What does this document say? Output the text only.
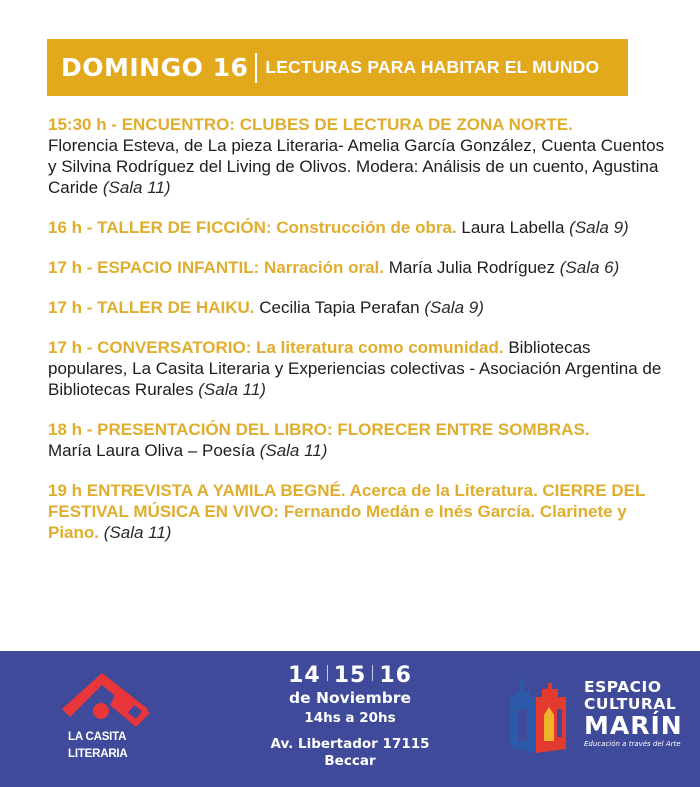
DOMINGO 16 LECTURAS PARA HABITAR EL MUNDO
15:30 h - ENCUENTRO: CLUBES DE LECTURA DE ZONA NORTE.
Florencia Esteva, de La pieza Literaria- Amelia García González, Cuenta Cuentos y Silvina Rodríguez del Living de Olivos. Modera: Análisis de un cuento, Agustina Caride (Sala 11)
16 h - TALLER DE FICCIÓN: Construcción de obra. Laura Labella (Sala 9)
17 h - ESPACIO INFANTIL: Narración oral. María Julia Rodríguez (Sala 6)
17 h - TALLER DE HAIKU. Cecilia Tapia Perafan (Sala 9)
17 h - CONVERSATORIO: La literatura como comunidad. Bibliotecas populares, La Casita Literaria y Experiencias colectivas - Asociación Argentina de Bibliotecas Rurales (Sala 11)
18 h - PRESENTACIÓN DEL LIBRO: FLORECER ENTRE SOMBRAS.
María Laura Oliva – Poesía (Sala 11)
19 h ENTREVISTA A YAMILA BEGNÉ. Acerca de la Literatura. CIERRE DEL FESTIVAL MÚSICA EN VIVO: Fernando Medán e Inés García. Clarinete y Piano. (Sala 11)
LA CASITA
LITERARIA
14 15 16
de Noviembre
14hs a 20hs
Av. Libertador 17115
Beccar
ESPACIO
CULTURAL
MARÍN
Educación a través del Arte
